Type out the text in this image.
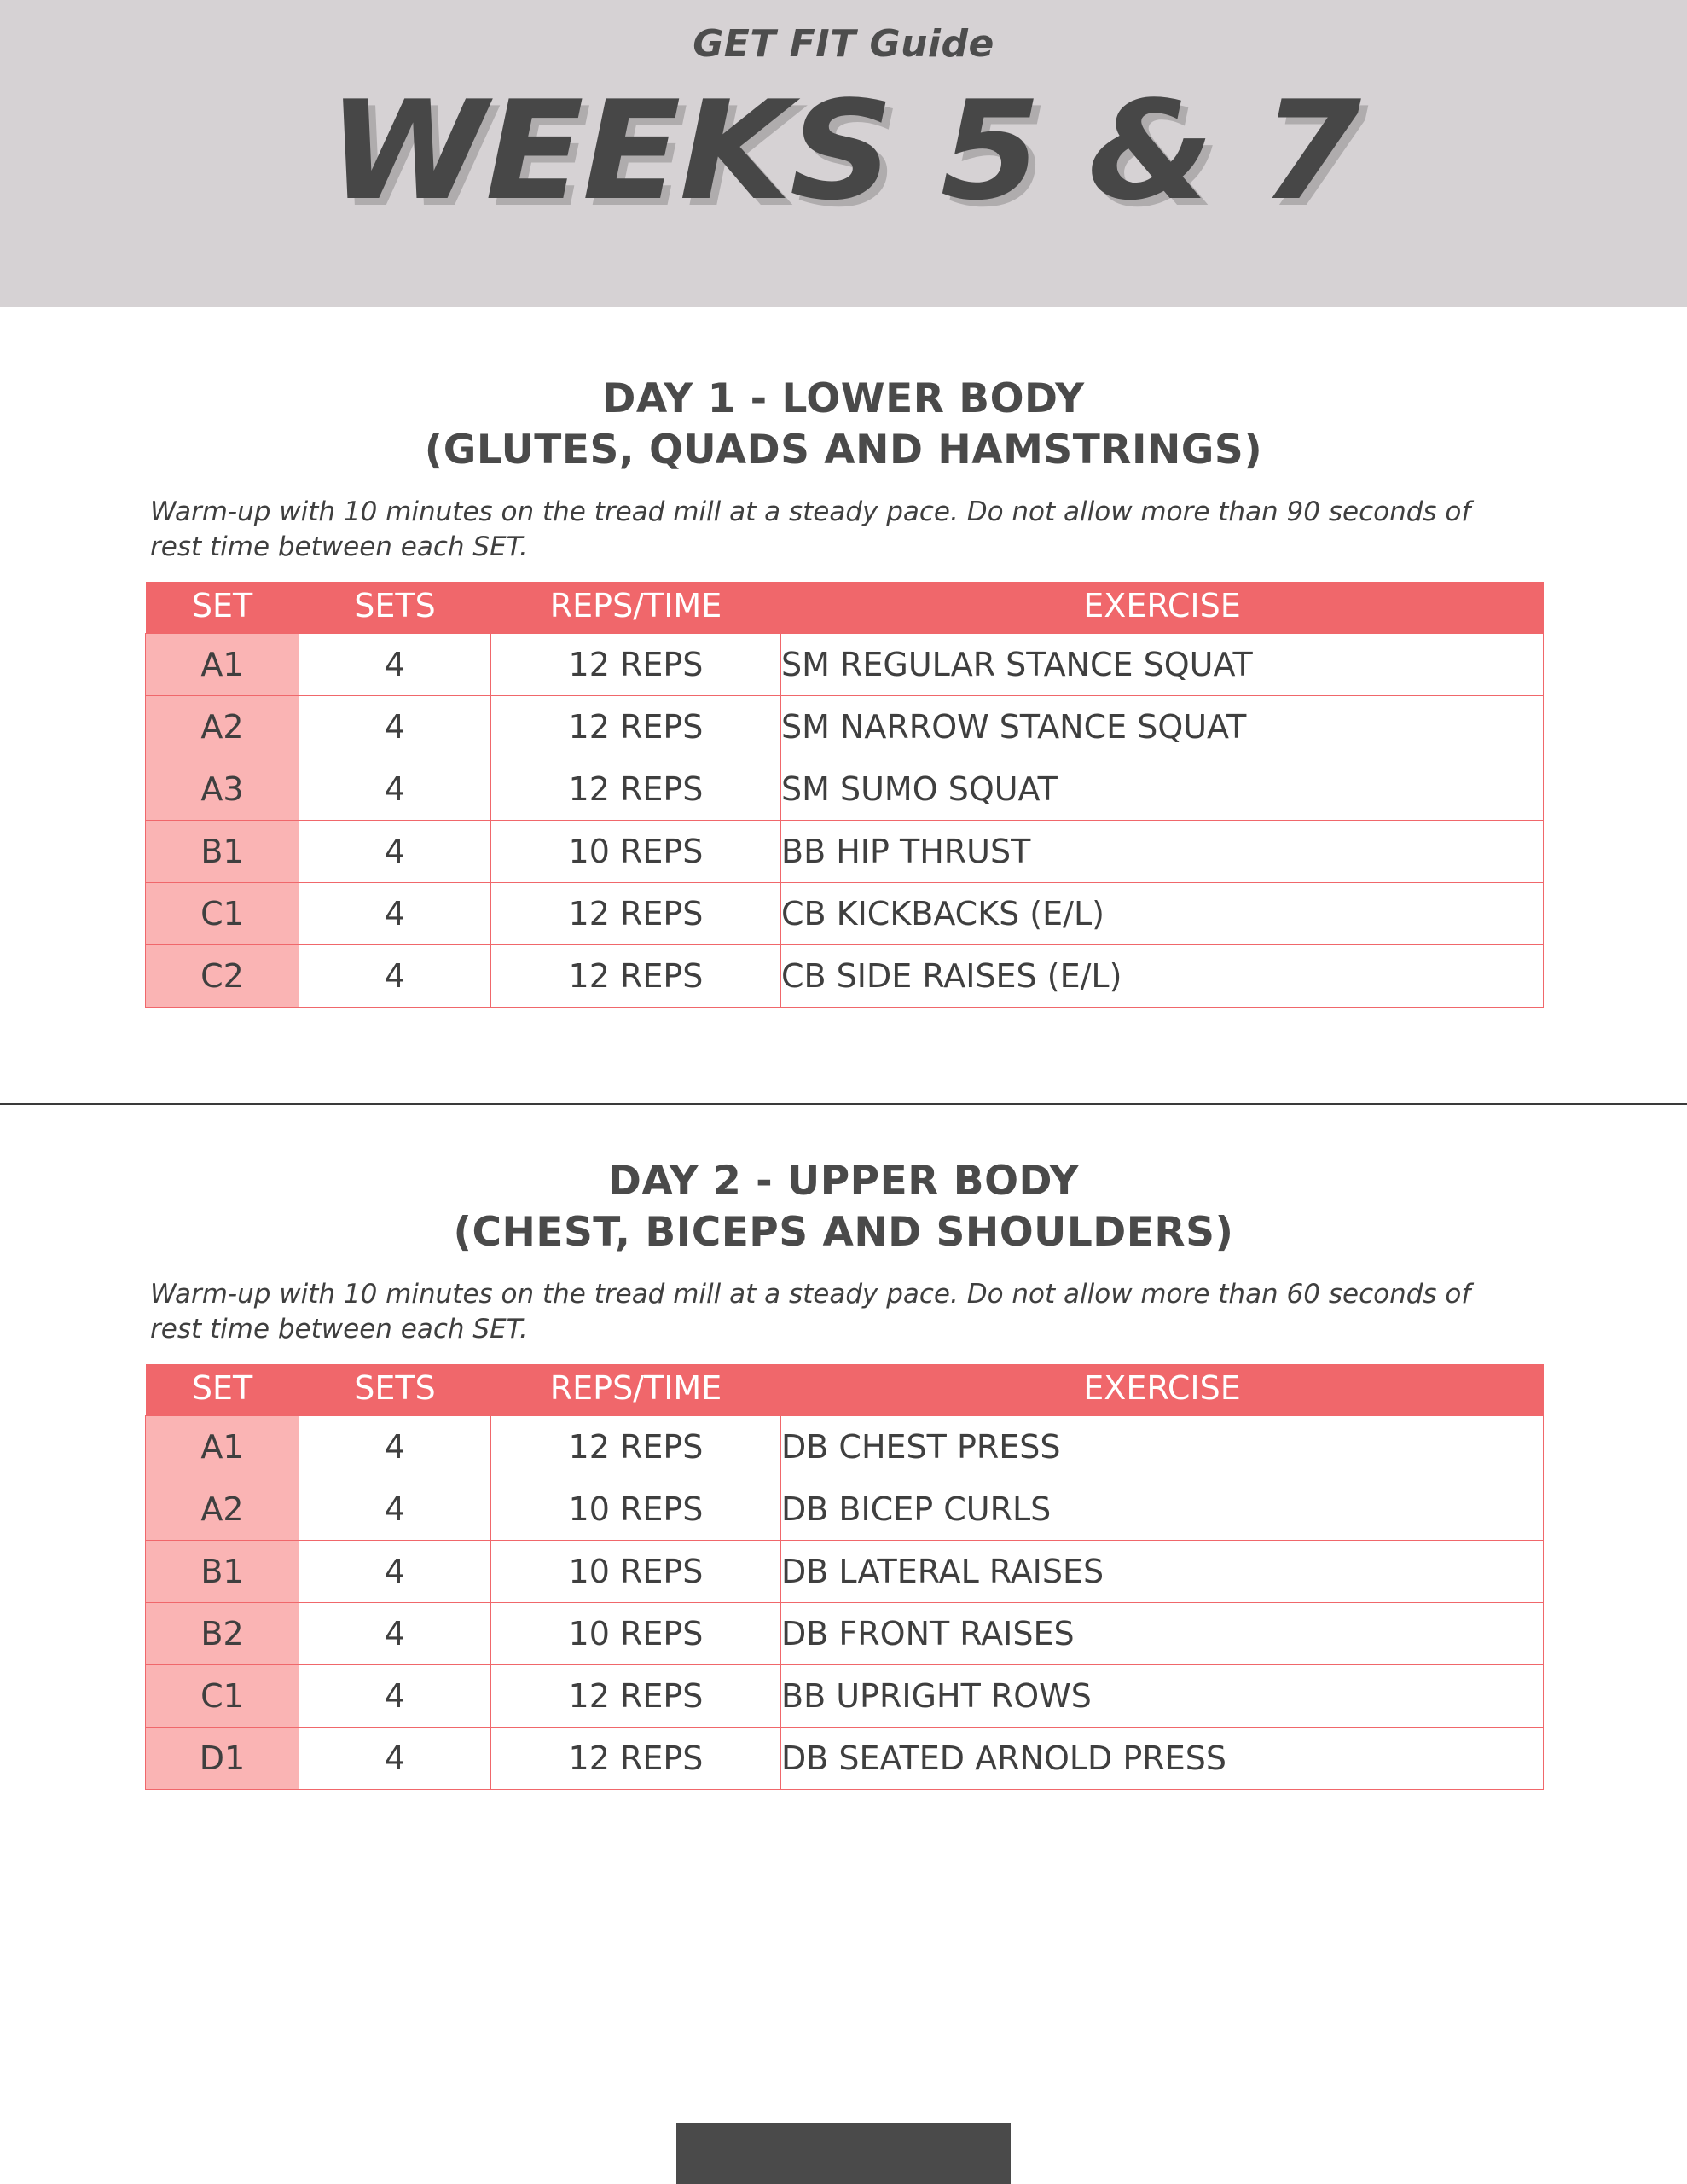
GET FIT Guide
WEEKS 5 & 7
DAY 1 - LOWER BODY
(GLUTES, QUADS AND HAMSTRINGS)
Warm-up with 10 minutes on the tread mill at a steady pace. Do not allow more than 90 seconds of rest time between each SET.
SET	SETS	REPS/TIME	EXERCISE
A1	4	12 REPS	SM REGULAR STANCE SQUAT
A2	4	12 REPS	SM NARROW STANCE SQUAT
A3	4	12 REPS	SM SUMO SQUAT
B1	4	10 REPS	BB HIP THRUST
C1	4	12 REPS	CB KICKBACKS (E/L)
C2	4	12 REPS	CB SIDE RAISES (E/L)
DAY 2 - UPPER BODY
(CHEST, BICEPS AND SHOULDERS)
Warm-up with 10 minutes on the tread mill at a steady pace. Do not allow more than 60 seconds of rest time between each SET.
SET	SETS	REPS/TIME	EXERCISE
A1	4	12 REPS	DB CHEST PRESS
A2	4	10 REPS	DB BICEP CURLS
B1	4	10 REPS	DB LATERAL RAISES
B2	4	10 REPS	DB FRONT RAISES
C1	4	12 REPS	BB UPRIGHT ROWS
D1	4	12 REPS	DB SEATED ARNOLD PRESS
